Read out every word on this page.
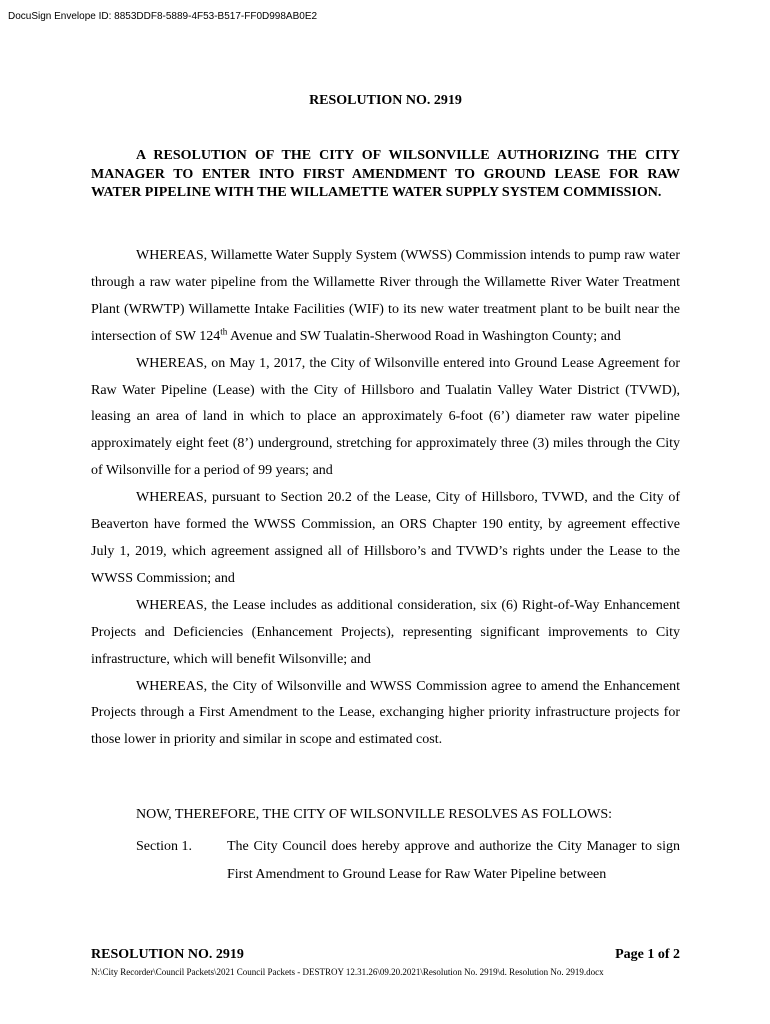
DocuSign Envelope ID: 8853DDF8-5889-4F53-B517-FF0D998AB0E2
RESOLUTION NO. 2919
A RESOLUTION OF THE CITY OF WILSONVILLE AUTHORIZING THE CITY MANAGER TO ENTER INTO FIRST AMENDMENT TO GROUND LEASE FOR RAW WATER PIPELINE WITH THE WILLAMETTE WATER SUPPLY SYSTEM COMMISSION.

WHEREAS, Willamette Water Supply System (WWSS) Commission intends to pump raw water through a raw water pipeline from the Willamette River through the Willamette River Water Treatment Plant (WRWTP) Willamette Intake Facilities (WIF) to its new water treatment plant to be built near the intersection of SW 124th Avenue and SW Tualatin-Sherwood Road in Washington County; and

WHEREAS, on May 1, 2017, the City of Wilsonville entered into Ground Lease Agreement for Raw Water Pipeline (Lease) with the City of Hillsboro and Tualatin Valley Water District (TVWD), leasing an area of land in which to place an approximately 6-foot (6’) diameter raw water pipeline approximately eight feet (8’) underground, stretching for approximately three (3) miles through the City of Wilsonville for a period of 99 years; and

WHEREAS, pursuant to Section 20.2 of the Lease, City of Hillsboro, TVWD, and the City of Beaverton have formed the WWSS Commission, an ORS Chapter 190 entity, by agreement effective July 1, 2019, which agreement assigned all of Hillsboro’s and TVWD’s rights under the Lease to the WWSS Commission; and

WHEREAS, the Lease includes as additional consideration, six (6) Right-of-Way Enhancement Projects and Deficiencies (Enhancement Projects), representing significant improvements to City infrastructure, which will benefit Wilsonville; and

WHEREAS, the City of Wilsonville and WWSS Commission agree to amend the Enhancement Projects through a First Amendment to the Lease, exchanging higher priority infrastructure projects for those lower in priority and similar in scope and estimated cost.

NOW, THEREFORE, THE CITY OF WILSONVILLE RESOLVES AS FOLLOWS:
Section 1.	The City Council does hereby approve and authorize the City Manager to sign First Amendment to Ground Lease for Raw Water Pipeline between
RESOLUTION NO. 2919	Page 1 of 2
N:\City Recorder\Council Packets\2021 Council Packets - DESTROY 12.31.26\09.20.2021\Resolution No. 2919\d. Resolution No. 2919.docx
